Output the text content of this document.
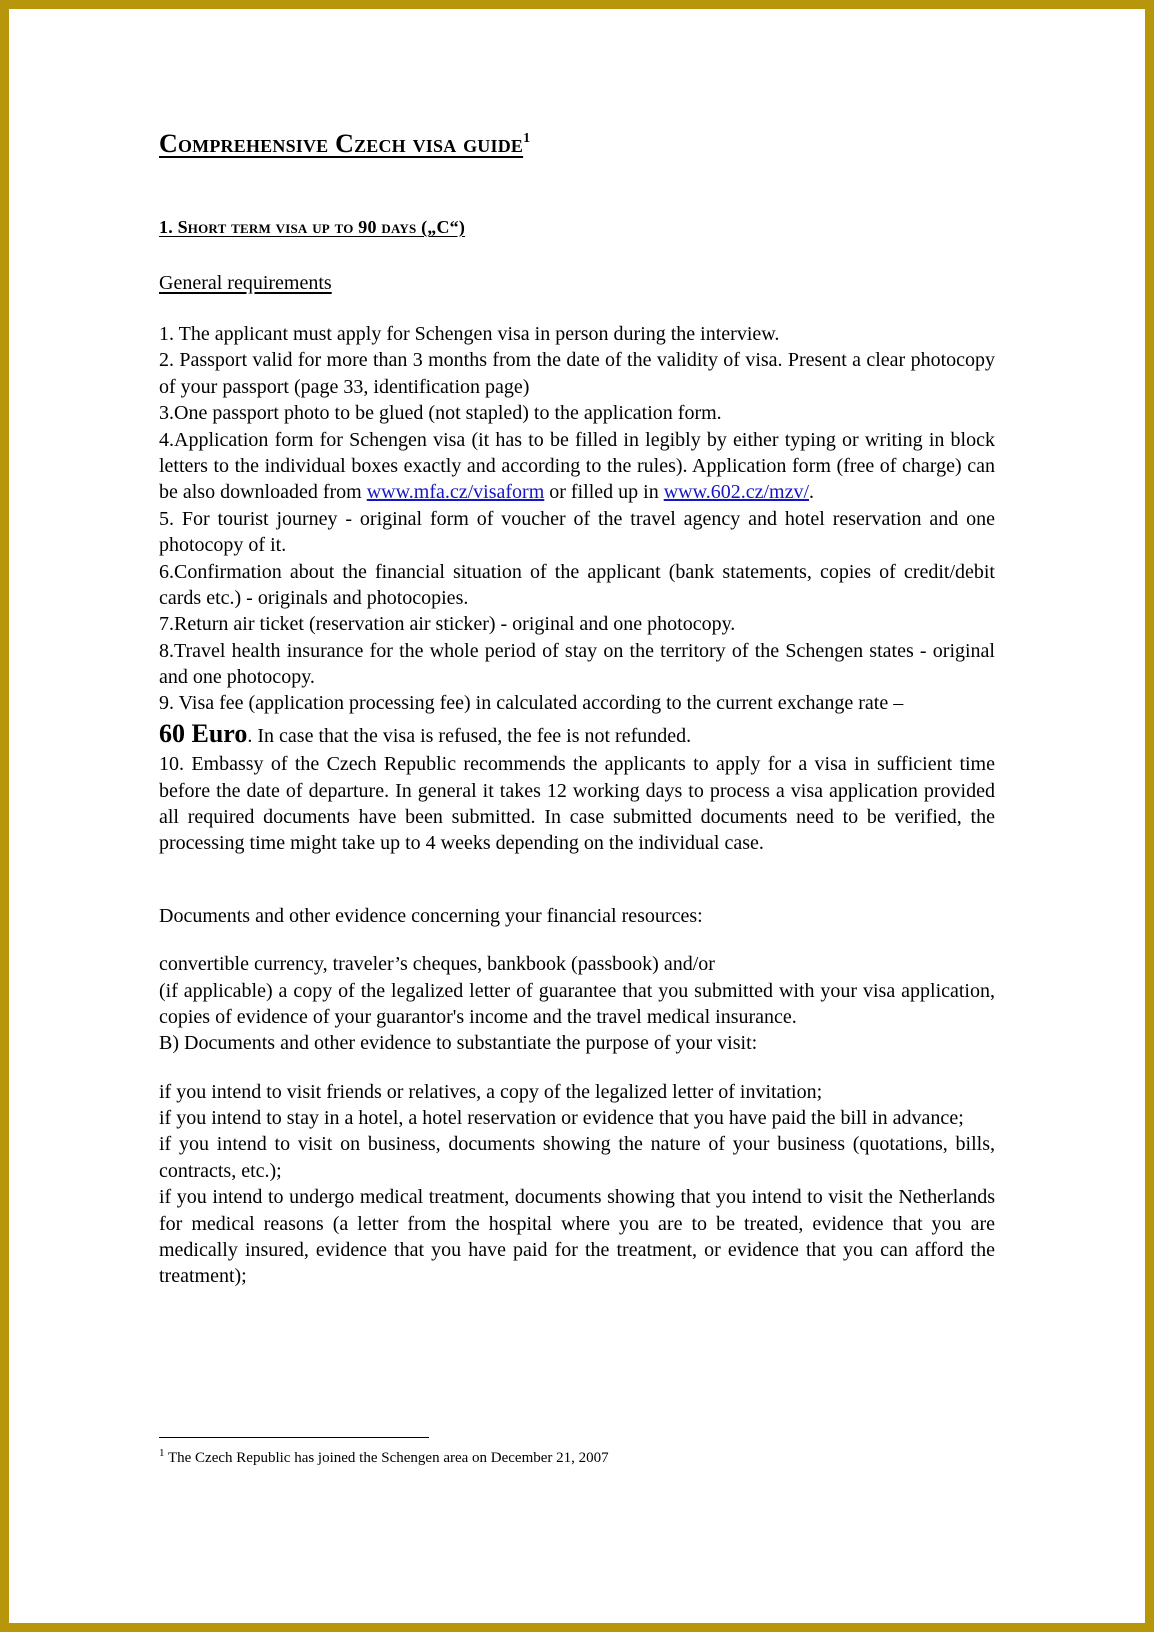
Comprehensive Czech visa guide1
1. Short term visa up to 90 days („C“)
General requirements

1. The applicant must apply for Schengen visa in person during the interview.

2. Passport valid for more than 3 months from the date of the validity of visa. Present a clear photocopy of your passport (page 33, identification page)

3.One passport photo to be glued (not stapled) to the application form.

4.Application form for Schengen visa (it has to be filled in legibly by either typing or writing in block letters to the individual boxes exactly and according to the rules). Application form (free of charge) can be also downloaded from www.mfa.cz/visaform or filled up in www.602.cz/mzv/.

5. For tourist journey - original form of voucher of the travel agency and hotel reservation and one photocopy of it.

6.Confirmation about the financial situation of the applicant (bank statements, copies of credit/debit cards etc.) - originals and photocopies.

7.Return air ticket (reservation air sticker) - original and one photocopy.

8.Travel health insurance for the whole period of stay on the territory of the Schengen states - original and one photocopy.

9. Visa fee (application processing fee) in calculated according to the current exchange rate –

60 Euro. In case that the visa is refused, the fee is not refunded.

10. Embassy of the Czech Republic recommends the applicants to apply for a visa in sufficient time before the date of departure. In general it takes 12 working days to process a visa application provided all required documents have been submitted. In case submitted documents need to be verified, the processing time might take up to 4 weeks depending on the individual case.

Documents and other evidence concerning your financial resources:

convertible currency, traveler’s cheques, bankbook (passbook) and/or

(if applicable) a copy of the legalized letter of guarantee that you submitted with your visa application, copies of evidence of your guarantor's income and the travel medical insurance.

B) Documents and other evidence to substantiate the purpose of your visit:

if you intend to visit friends or relatives, a copy of the legalized letter of invitation;

if you intend to stay in a hotel, a hotel reservation or evidence that you have paid the bill in advance;

if you intend to visit on business, documents showing the nature of your business (quotations, bills, contracts, etc.);

if you intend to undergo medical treatment, documents showing that you intend to visit the Netherlands for medical reasons (a letter from the hospital where you are to be treated, evidence that you are medically insured, evidence that you have paid for the treatment, or evidence that you can afford the treatment);

$^1$ The Czech Republic has joined the Schengen area on December 21, 2007
